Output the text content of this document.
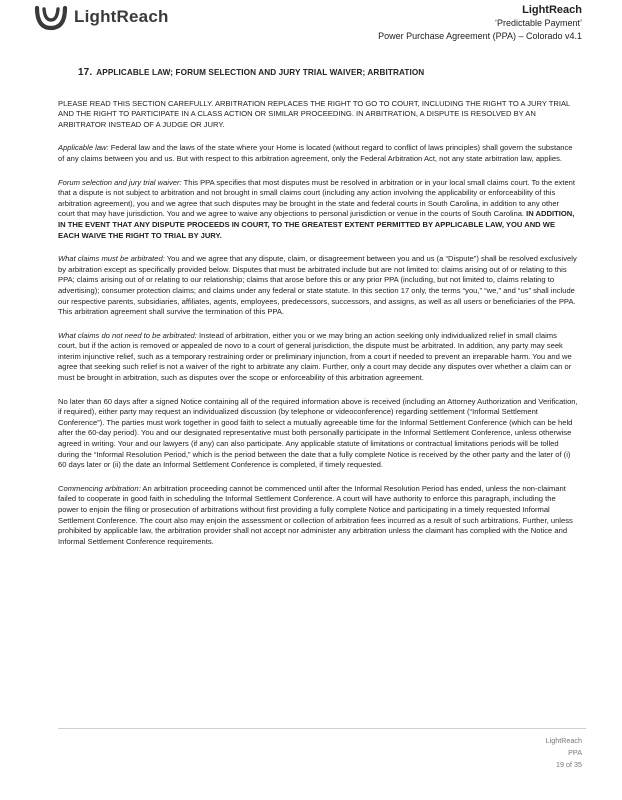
LightReach	LightReach
‘Predictable Payment’
Power Purchase Agreement (PPA) – Colorado v4.1
17. APPLICABLE LAW; FORUM SELECTION AND JURY TRIAL WAIVER; ARBITRATION

PLEASE READ THIS SECTION CAREFULLY. ARBITRATION REPLACES THE RIGHT TO GO TO COURT, INCLUDING THE RIGHT TO A JURY TRIAL AND THE RIGHT TO PARTICIPATE IN A CLASS ACTION OR SIMILAR PROCEEDING. IN ARBITRATION, A DISPUTE IS RESOLVED BY AN ARBITRATOR INSTEAD OF A JUDGE OR JURY.

Applicable law: Federal law and the laws of the state where your Home is located (without regard to conflict of laws principles) shall govern the substance of any claims between you and us. But with respect to this arbitration agreement, only the Federal Arbitration Act, not any state arbitration law, applies.

Forum selection and jury trial waiver: This PPA specifies that most disputes must be resolved in arbitration or in your local small claims court. To the extent that a dispute is not subject to arbitration and not brought in small claims court (including any action involving the applicability or enforceability of this arbitration agreement), you and we agree that such disputes may be brought in the state and federal courts in South Carolina, in addition to any other court that may have jurisdiction. You and we agree to waive any objections to personal jurisdiction or venue in the courts of South Carolina. IN ADDITION, IN THE EVENT THAT ANY DISPUTE PROCEEDS IN COURT, TO THE GREATEST EXTENT PERMITTED BY APPLICABLE LAW, YOU AND WE EACH WAIVE THE RIGHT TO TRIAL BY JURY.

What claims must be arbitrated: You and we agree that any dispute, claim, or disagreement between you and us (a “Dispute”) shall be resolved exclusively by arbitration except as specifically provided below. Disputes that must be arbitrated include but are not limited to: claims arising out of or relating to this PPA; claims arising out of or relating to our relationship; claims that arose before this or any prior PPA (including, but not limited to, claims relating to advertising); consumer protection claims; and claims under any federal or state statute. In this section 17 only, the terms “you,” “we,” and “us” shall include our respective parents, subsidiaries, affiliates, agents, employees, predecessors, successors, and assigns, as well as all users or beneficiaries of the PPA. This arbitration agreement shall survive the termination of this PPA.

What claims do not need to be arbitrated: Instead of arbitration, either you or we may bring an action seeking only individualized relief in small claims court, but if the action is removed or appealed de novo to a court of general jurisdiction, the dispute must be arbitrated. In addition, any party may seek interim injunctive relief, such as a temporary restraining order or preliminary injunction, from a court if needed to prevent an irreparable harm. You and we agree that seeking such relief is not a waiver of the right to arbitrate any claim. Further, only a court may decide any disputes over whether a claim can or must be brought in arbitration, such as disputes over the scope or enforceability of this arbitration agreement.

No later than 60 days after a signed Notice containing all of the required information above is received (including an Attorney Authorization and Verification, if required), either party may request an individualized discussion (by telephone or videoconference) regarding settlement (“Informal Settlement Conference”). The parties must work together in good faith to select a mutually agreeable time for the Informal Settlement Conference (which can be held after the 60-day period). You and our designated representative must both personally participate in the Informal Settlement Conference, unless otherwise agreed in writing. Your and our lawyers (if any) can also participate. Any applicable statute of limitations or contractual limitations periods will be tolled during the “Informal Resolution Period,” which is the period between the date that a fully complete Notice is received by the other party and the later of (i) 60 days later or (ii) the date an Informal Settlement Conference is completed, if timely requested.

Commencing arbitration: An arbitration proceeding cannot be commenced until after the Informal Resolution Period has ended, unless the non-claimant failed to cooperate in good faith in scheduling the Informal Settlement Conference. A court will have authority to enforce this paragraph, including the power to enjoin the filing or prosecution of arbitrations without first providing a fully complete Notice and participating in a timely requested Informal Settlement Conference. The court also may enjoin the assessment or collection of arbitration fees incurred as a result of such arbitrations. Further, unless prohibited by applicable law, the arbitration provider shall not accept nor administer any arbitration unless the claimant has complied with the Notice and Informal Settlement Conference requirements.

LightReach
PPA
19 of 35
